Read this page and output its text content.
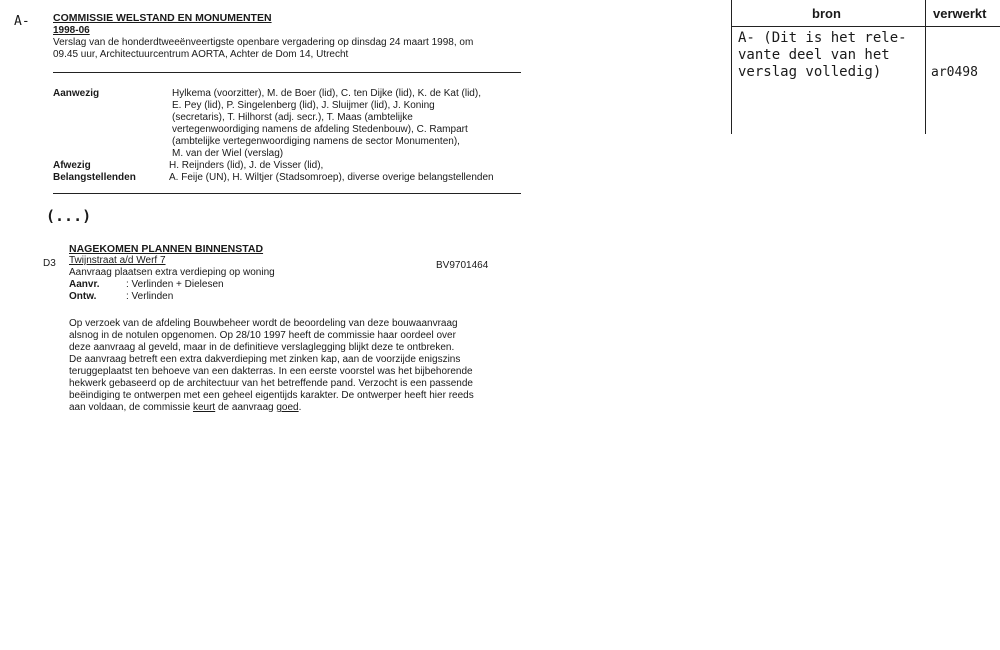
A- COMMISSIE WELSTAND EN MONUMENTEN
1998-06
Verslag van de honderdtweeënveertigste openbare vergadering op dinsdag 24 maart 1998, om
09.45 uur, Architectuurcentrum AORTA, Achter de Dom 14, Utrecht
Aanwezig	Hylkema (voorzitter), M. de Boer (lid), C. ten Dijke (lid), K. de Kat (lid),
E. Pey (lid), P. Singelenberg (lid), J. Sluijmer (lid), J. Koning
(secretaris), T. Hilhorst (adj. secr.), T. Maas (ambtelijke
vertegenwoordiging namens de afdeling Stedenbouw), C. Rampart
(ambtelijke vertegenwoordiging namens de sector Monumenten),
M. van der Wiel (verslag)
Afwezig	H. Reijnders (lid), J. de Visser (lid),
Belangstellenden	A. Feije (UN), H. Wiltjer (Stadsomroep), diverse overige belangstellenden
(...)
NAGEKOMEN PLANNEN BINNENSTAD
D3 Twijnstraat a/d Werf 7	BV9701464
Aanvraag plaatsen extra verdieping op woning
Aanvr.	: Verlinden + Dielesen
Ontw.	: Verlinden
Op verzoek van de afdeling Bouwbeheer wordt de beoordeling van deze bouwaanvraag
alsnog in de notulen opgenomen. Op 28/10 1997 heeft de commissie haar oordeel over
deze aanvraag al geveld, maar in de definitieve verslaglegging blijkt deze te ontbreken.
De aanvraag betreft een extra dakverdieping met zinken kap, aan de voorzijde enigszins
teruggeplaatst ten behoeve van een dakterras. In een eerste voorstel was het bijbehorende
hekwerk gebaseerd op de architectuur van het betreffende pand. Verzocht is een passende
beëindiging te ontwerpen met een geheel eigentijds karakter. De ontwerper heeft hier reeds
aan voldaan, de commissie keurt de aanvraag goed.
bron	verwerkt
A- (Dit is het rele-
vante deel van het
verslag volledig)	ar0498
